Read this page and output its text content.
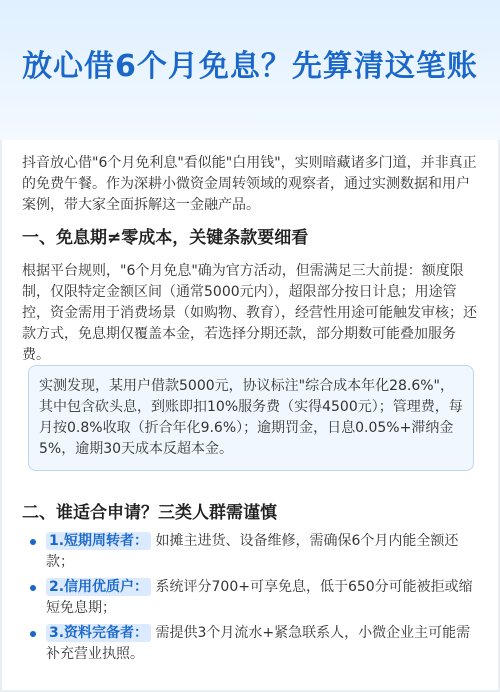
放心借6个月免息？先算清这笔账
抖音放心借"6个月免利息"看似能"白用钱"，实则暗藏诸多门道，并非真正的免费午餐。作为深耕小微资金周转领域的观察者，通过实测数据和用户案例，带大家全面拆解这一金融产品。
一、免息期≠零成本，关键条款要细看
根据平台规则，"6个月免息"确为官方活动，但需满足三大前提：额度限制，仅限特定金额区间（通常5000元内），超限部分按日计息；用途管控，资金需用于消费场景（如购物、教育），经营性用途可能触发审核；还款方式，免息期仅覆盖本金，若选择分期还款，部分期数可能叠加服务费。
实测发现，某用户借款5000元，协议标注"综合成本年化28.6%"，其中包含砍头息，到账即扣10%服务费（实得4500元）；管理费，每月按0.8%收取（折合年化9.6%）；逾期罚金，日息0.05%+滞纳金5%，逾期30天成本反超本金。
二、谁适合申请？三类人群需谨慎
1.短期周转者： 如摊主进货、设备维修，需确保6个月内能全额还款；
2.信用优质户： 系统评分700+可享免息，低于650分可能被拒或缩短免息期；
3.资料完备者： 需提供3个月流水+紧急联系人，小微企业主可能需补充营业执照。
